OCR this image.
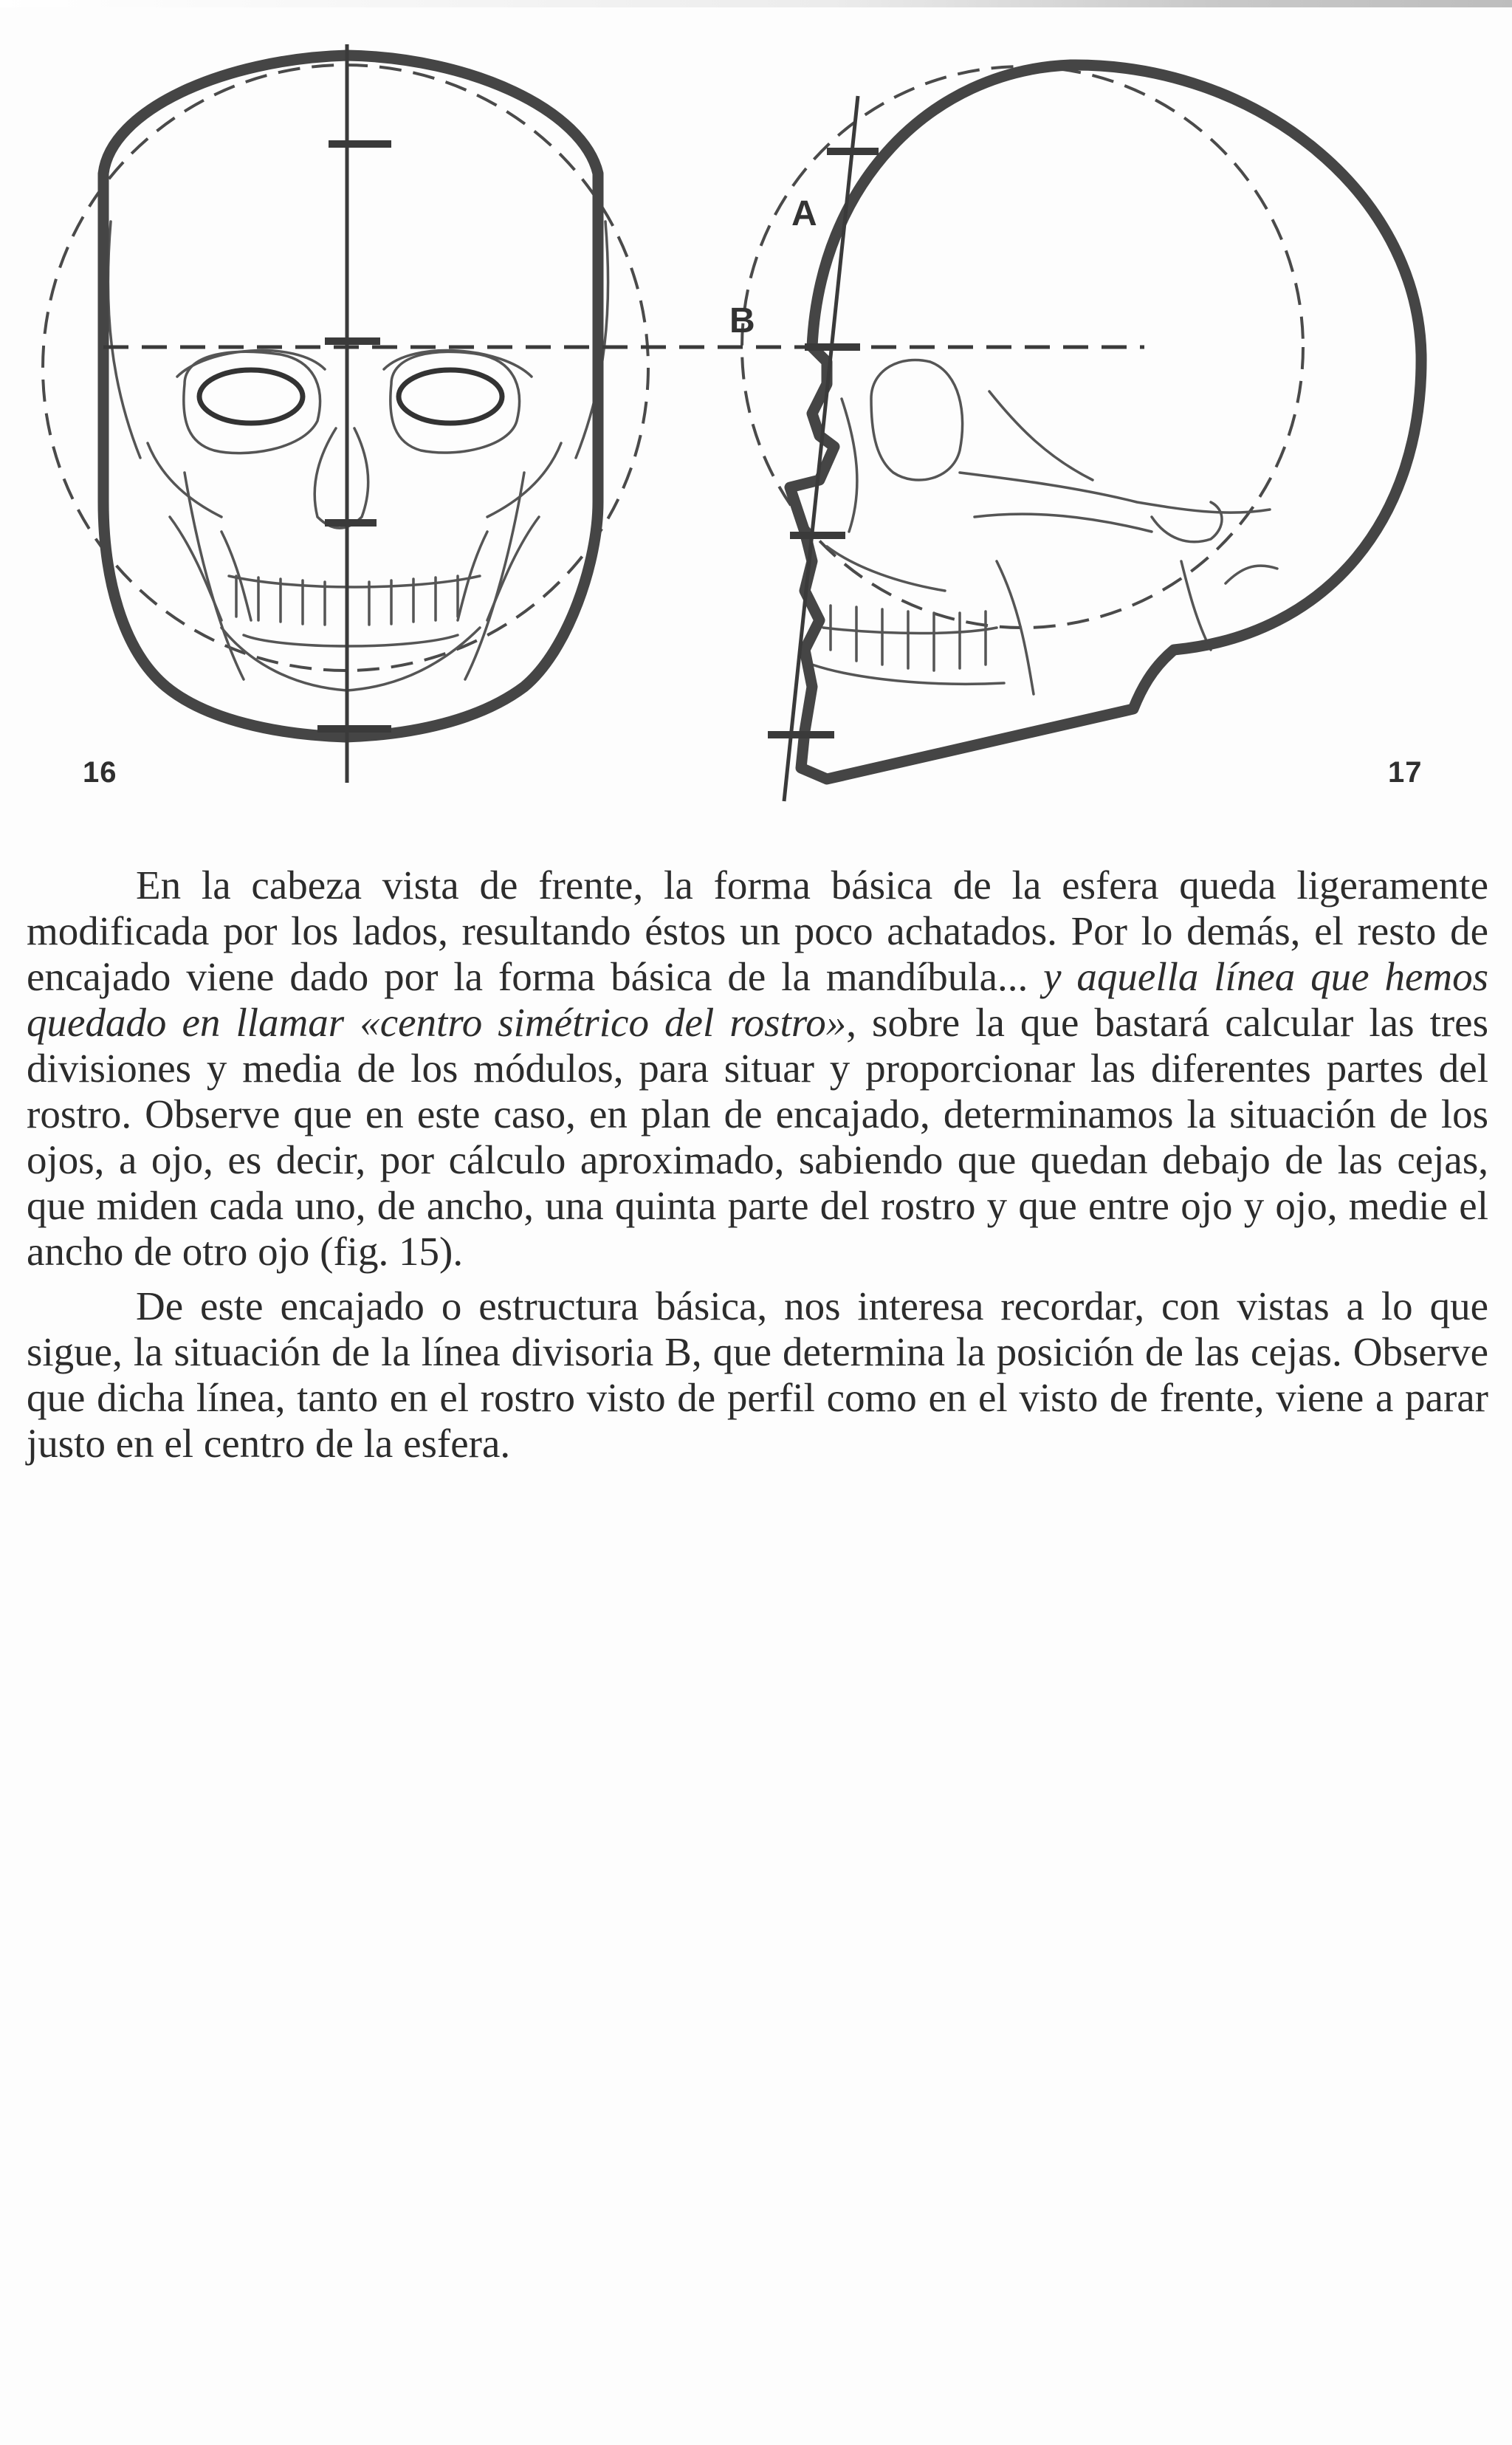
A
B
16	17

En la cabeza vista de frente, la forma básica de la esfera queda ligeramente modificada por los lados, resultando éstos un poco achatados. Por lo demás, el resto de encajado viene dado por la forma básica de la mandíbula... y aquella línea que hemos quedado en llamar «centro simétrico del rostro», sobre la que bastará calcular las tres divisiones y media de los módulos, para situar y proporcionar las diferentes partes del rostro. Observe que en este caso, en plan de encajado, determinamos la situación de los ojos, a ojo, es decir, por cálculo aproximado, sabiendo que quedan debajo de las cejas, que miden cada uno, de ancho, una quinta parte del rostro y que entre ojo y ojo, medie el ancho de otro ojo (fig. 15).

De este encajado o estructura básica, nos interesa recordar, con vistas a lo que sigue, la situación de la línea divisoria B, que determina la posición de las cejas. Observe que dicha línea, tanto en el rostro visto de perfil como en el visto de frente, viene a parar justo en el centro de la esfera.
